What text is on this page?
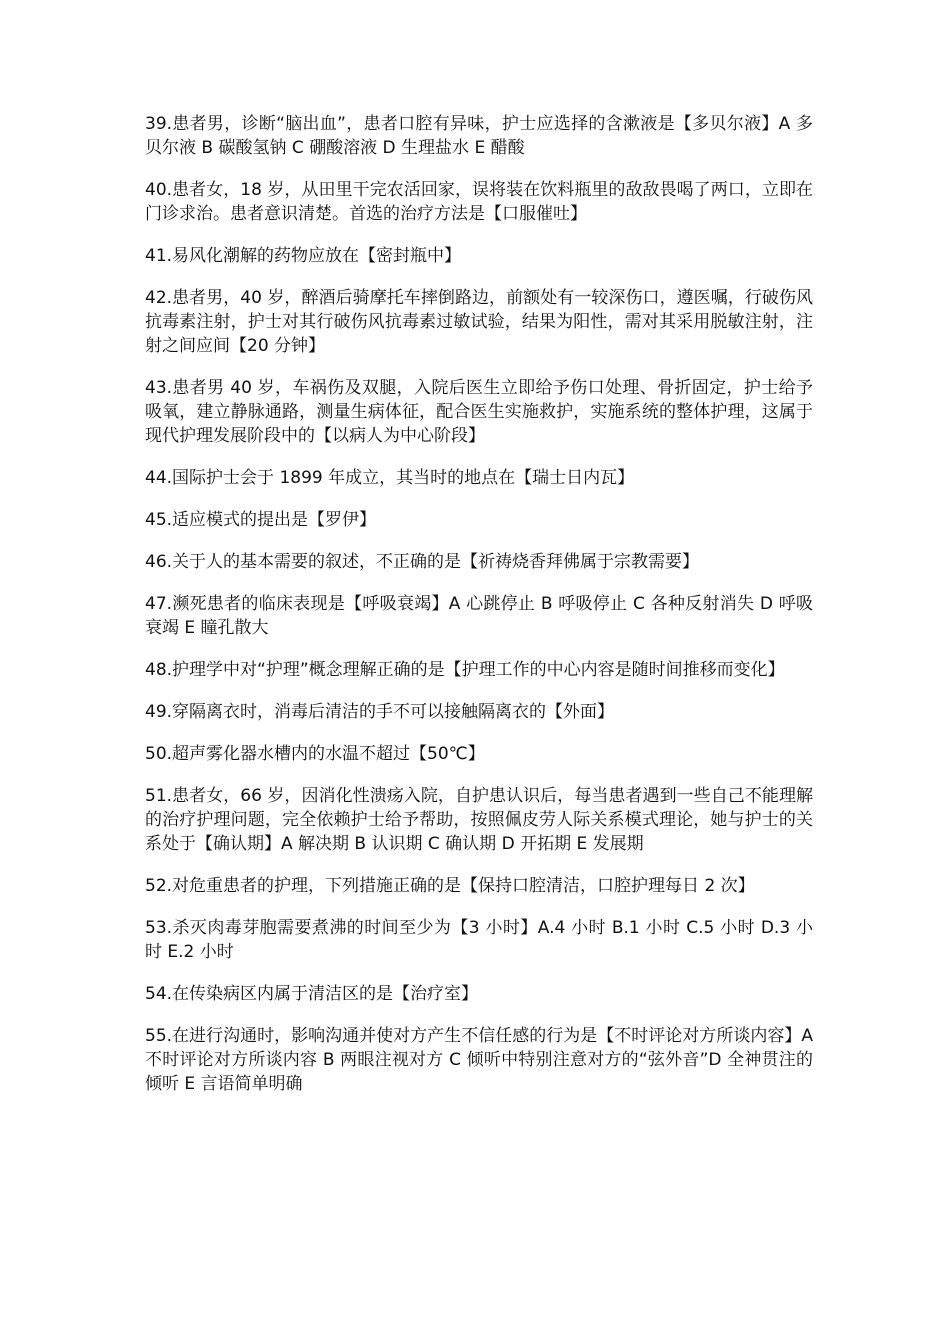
39.患者男，诊断“脑出血”，患者口腔有异味，护士应选择的含漱液是【多贝尔液】A 多贝尔液 B 碳酸氢钠 C 硼酸溶液 D 生理盐水 E 醋酸

40.患者女，18 岁，从田里干完农活回家，误将装在饮料瓶里的敌敌畏喝了两口，立即在门诊求治。患者意识清楚。首选的治疗方法是【口服催吐】

41.易风化潮解的药物应放在【密封瓶中】

42.患者男，40 岁，醉酒后骑摩托车摔倒路边，前额处有一较深伤口，遵医嘱，行破伤风抗毒素注射，护士对其行破伤风抗毒素过敏试验，结果为阳性，需对其采用脱敏注射，注射之间应间【20 分钟】

43.患者男 40 岁，车祸伤及双腿，入院后医生立即给予伤口处理、骨折固定，护士给予吸氧，建立静脉通路，测量生病体征，配合医生实施救护，实施系统的整体护理，这属于现代护理发展阶段中的【以病人为中心阶段】

44.国际护士会于 1899 年成立，其当时的地点在【瑞士日内瓦】

45.适应模式的提出是【罗伊】

46.关于人的基本需要的叙述，不正确的是【祈祷烧香拜佛属于宗教需要】

47.濒死患者的临床表现是【呼吸衰竭】A 心跳停止 B 呼吸停止 C 各种反射消失 D 呼吸衰竭 E 瞳孔散大

48.护理学中对“护理”概念理解正确的是【护理工作的中心内容是随时间推移而变化】

49.穿隔离衣时，消毒后清洁的手不可以接触隔离衣的【外面】

50.超声雾化器水槽内的水温不超过【50℃】

51.患者女，66 岁，因消化性溃疡入院，自护患认识后，每当患者遇到一些自己不能理解的治疗护理问题，完全依赖护士给予帮助，按照佩皮劳人际关系模式理论，她与护士的关系处于【确认期】A 解决期 B 认识期 C 确认期 D 开拓期 E 发展期

52.对危重患者的护理，下列措施正确的是【保持口腔清洁，口腔护理每日 2 次】

53.杀灭肉毒芽胞需要煮沸的时间至少为【3 小时】A.4 小时 B.1 小时 C.5 小时 D.3 小时 E.2 小时

54.在传染病区内属于清洁区的是【治疗室】

55.在进行沟通时，影响沟通并使对方产生不信任感的行为是【不时评论对方所谈内容】A 不时评论对方所谈内容 B 两眼注视对方 C 倾听中特别注意对方的“弦外音”D 全神贯注的倾听 E 言语简单明确
